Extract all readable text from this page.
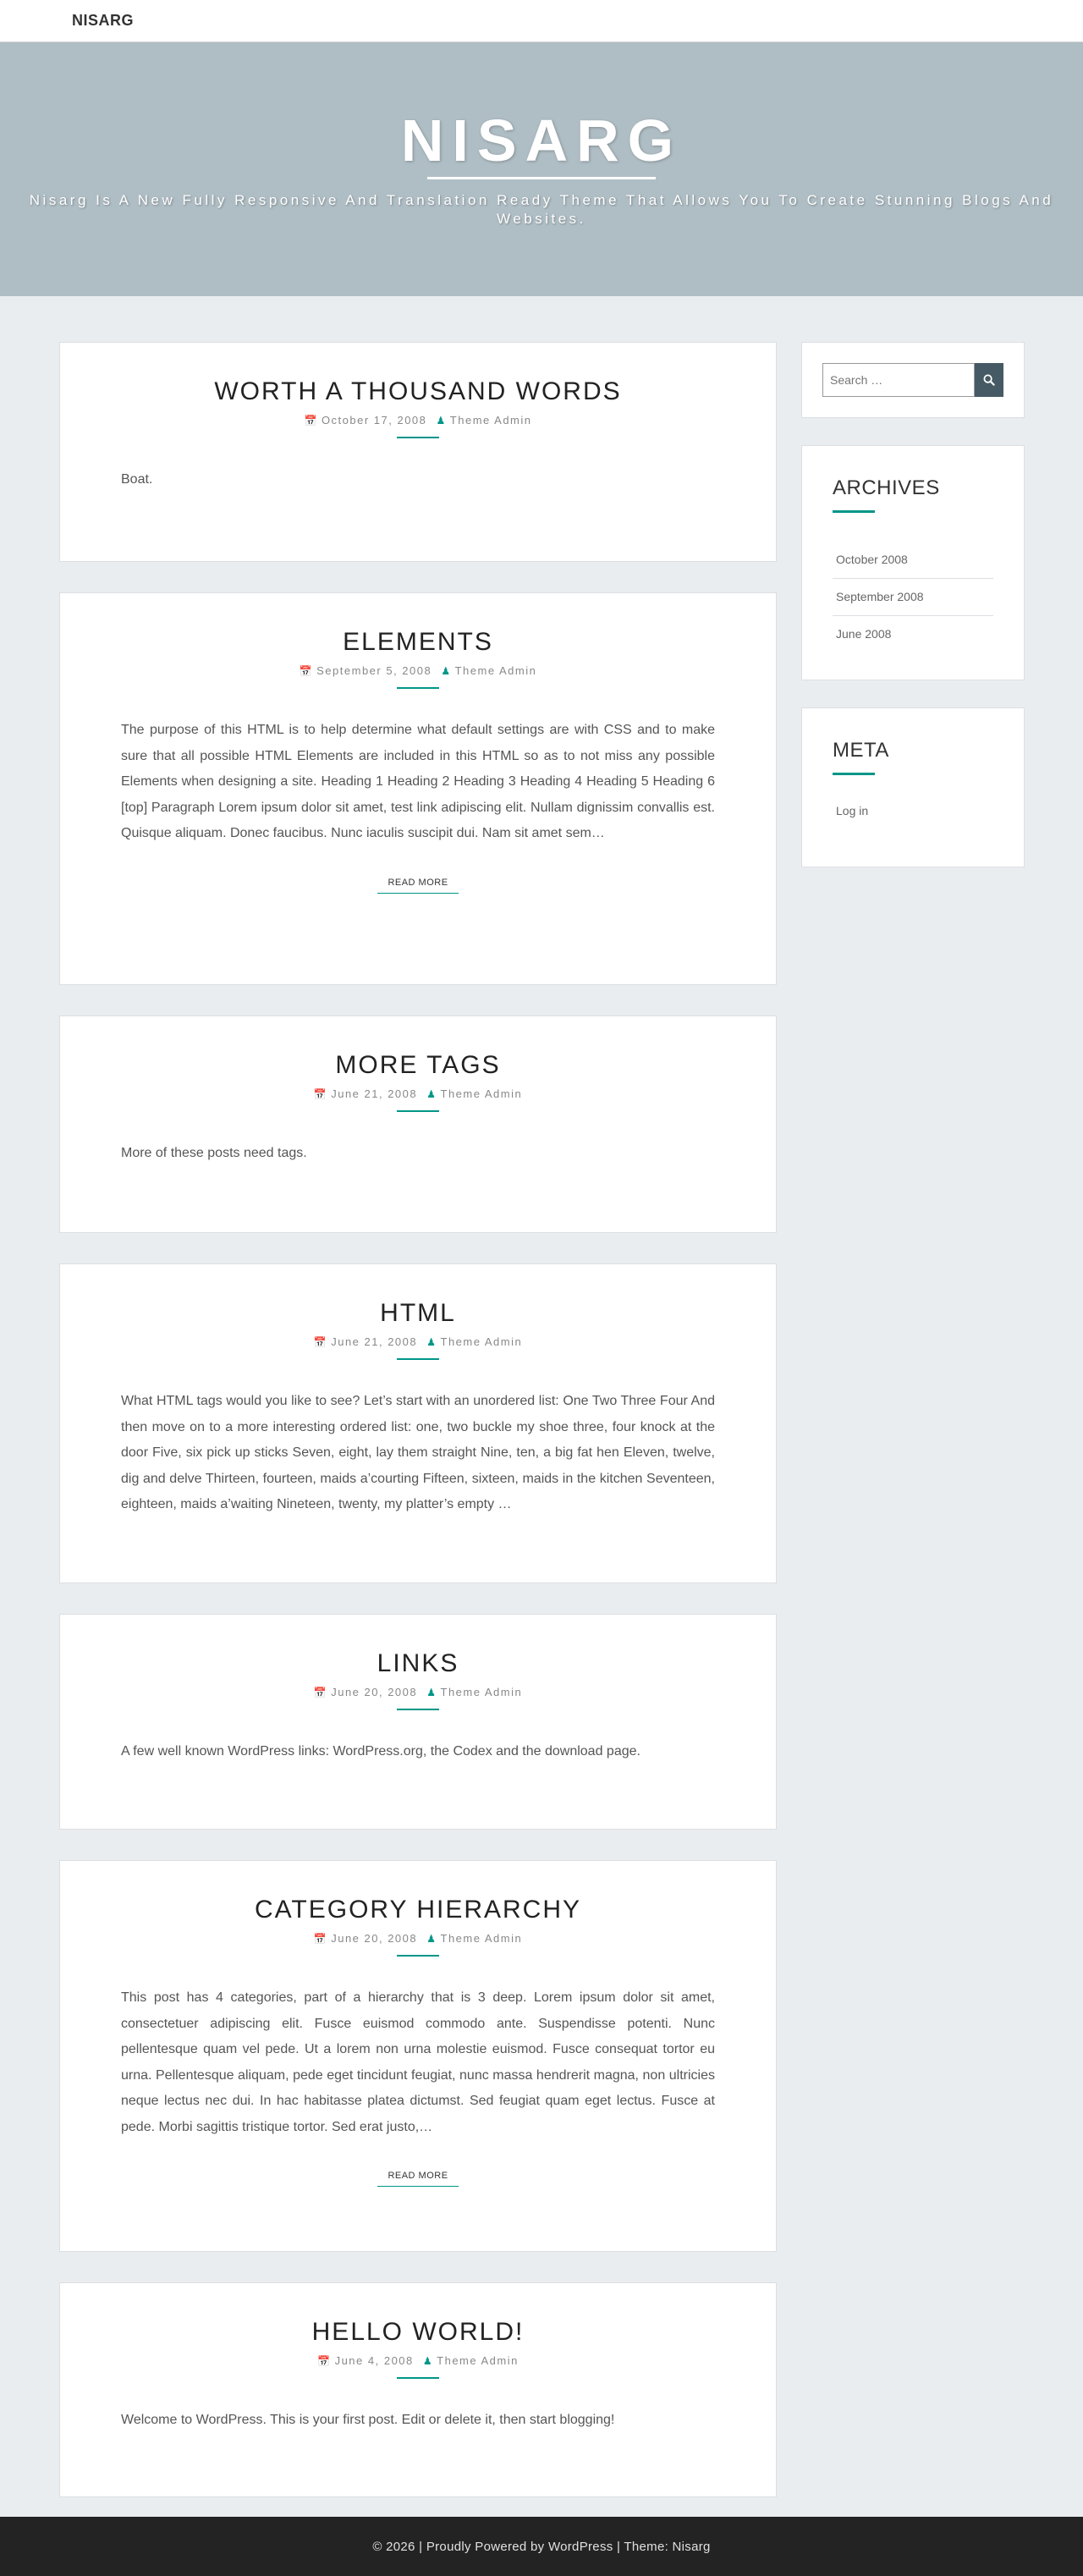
NISARG
NISARG

Nisarg Is A New Fully Responsive And Translation Ready Theme That Allows You To Create Stunning Blogs And Websites.

WORTH A THOUSAND WORDS
📅 October 17, 2008 ♟ Theme Admin

Boat.

ELEMENTS
📅 September 5, 2008 ♟ Theme Admin

The purpose of this HTML is to help determine what default settings are with CSS and to make sure that all possible HTML Elements are included in this HTML so as to not miss any possible Elements when designing a site. Heading 1 Heading 2 Heading 3 Heading 4 Heading 5 Heading 6 [top] Paragraph Lorem ipsum dolor sit amet, test link adipiscing elit. Nullam dignissim convallis est. Quisque aliquam. Donec faucibus. Nunc iaculis suscipit dui. Nam sit amet sem…

READ MORE
MORE TAGS
📅 June 21, 2008 ♟ Theme Admin

More of these posts need tags.

HTML
📅 June 21, 2008 ♟ Theme Admin

What HTML tags would you like to see? Let’s start with an unordered list: One Two Three Four And then move on to a more interesting ordered list: one, two buckle my shoe three, four knock at the door Five, six pick up sticks Seven, eight, lay them straight Nine, ten, a big fat hen Eleven, twelve, dig and delve Thirteen, fourteen, maids a’courting Fifteen, sixteen, maids in the kitchen Seventeen, eighteen, maids a’waiting Nineteen, twenty, my platter’s empty …

LINKS
📅 June 20, 2008 ♟ Theme Admin

A few well known WordPress links: WordPress.org, the Codex and the download page.

CATEGORY HIERARCHY
📅 June 20, 2008 ♟ Theme Admin

This post has 4 categories, part of a hierarchy that is 3 deep. Lorem ipsum dolor sit amet, consectetuer adipiscing elit. Fusce euismod commodo ante. Suspendisse potenti. Nunc pellentesque quam vel pede. Ut a lorem non urna molestie euismod. Fusce consequat tortor eu urna. Pellentesque aliquam, pede eget tincidunt feugiat, nunc massa hendrerit magna, non ultricies neque lectus nec dui. In hac habitasse platea dictumst. Sed feugiat quam eget lectus. Fusce at pede. Morbi sagittis tristique tortor. Sed erat justo,…

READ MORE
HELLO WORLD!
📅 June 4, 2008 ♟ Theme Admin

Welcome to WordPress. This is your first post. Edit or delete it, then start blogging!

Search …
ARCHIVES
October 2008
September 2008
June 2008
META
Log in
© 2026 | Proudly Powered by WordPress | Theme: Nisarg
